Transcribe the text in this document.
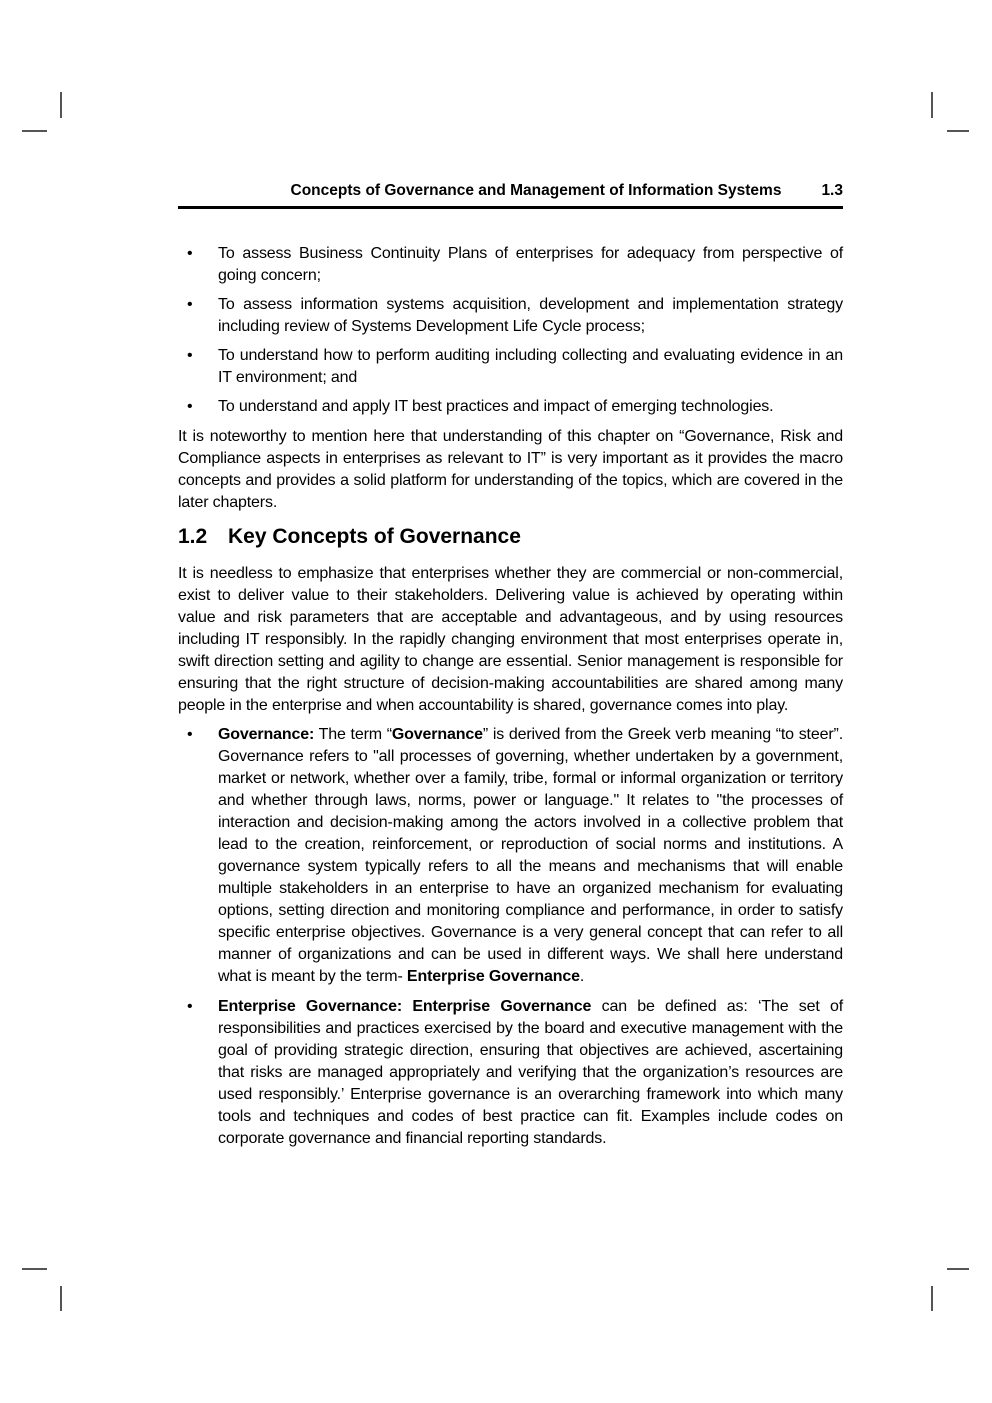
Concepts of Governance and Management of Information Systems	1.3
• To assess Business Continuity Plans of enterprises for adequacy from perspective of going concern;
• To assess information systems acquisition, development and implementation strategy including review of Systems Development Life Cycle process;
• To understand how to perform auditing including collecting and evaluating evidence in an IT environment; and
• To understand and apply IT best practices and impact of emerging technologies.

It is noteworthy to mention here that understanding of this chapter on “Governance, Risk and Compliance aspects in enterprises as relevant to IT” is very important as it provides the macro concepts and provides a solid platform for understanding of the topics, which are covered in the later chapters.

1.2 Key Concepts of Governance

It is needless to emphasize that enterprises whether they are commercial or non-commercial, exist to deliver value to their stakeholders. Delivering value is achieved by operating within value and risk parameters that are acceptable and advantageous, and by using resources including IT responsibly. In the rapidly changing environment that most enterprises operate in, swift direction setting and agility to change are essential. Senior management is responsible for ensuring that the right structure of decision-making accountabilities are shared among many people in the enterprise and when accountability is shared, governance comes into play.

• Governance: The term “Governance” is derived from the Greek verb meaning “to steer”. Governance refers to "all processes of governing, whether undertaken by a government, market or network, whether over a family, tribe, formal or informal organization or territory and whether through laws, norms, power or language." It relates to "the processes of interaction and decision-making among the actors involved in a collective problem that lead to the creation, reinforcement, or reproduction of social norms and institutions. A governance system typically refers to all the means and mechanisms that will enable multiple stakeholders in an enterprise to have an organized mechanism for evaluating options, setting direction and monitoring compliance and performance, in order to satisfy specific enterprise objectives. Governance is a very general concept that can refer to all manner of organizations and can be used in different ways. We shall here understand what is meant by the term- Enterprise Governance.
• Enterprise Governance: Enterprise Governance can be defined as: ‘The set of responsibilities and practices exercised by the board and executive management with the goal of providing strategic direction, ensuring that objectives are achieved, ascertaining that risks are managed appropriately and verifying that the organization’s resources are used responsibly.’ Enterprise governance is an overarching framework into which many tools and techniques and codes of best practice can fit. Examples include codes on corporate governance and financial reporting standards.
